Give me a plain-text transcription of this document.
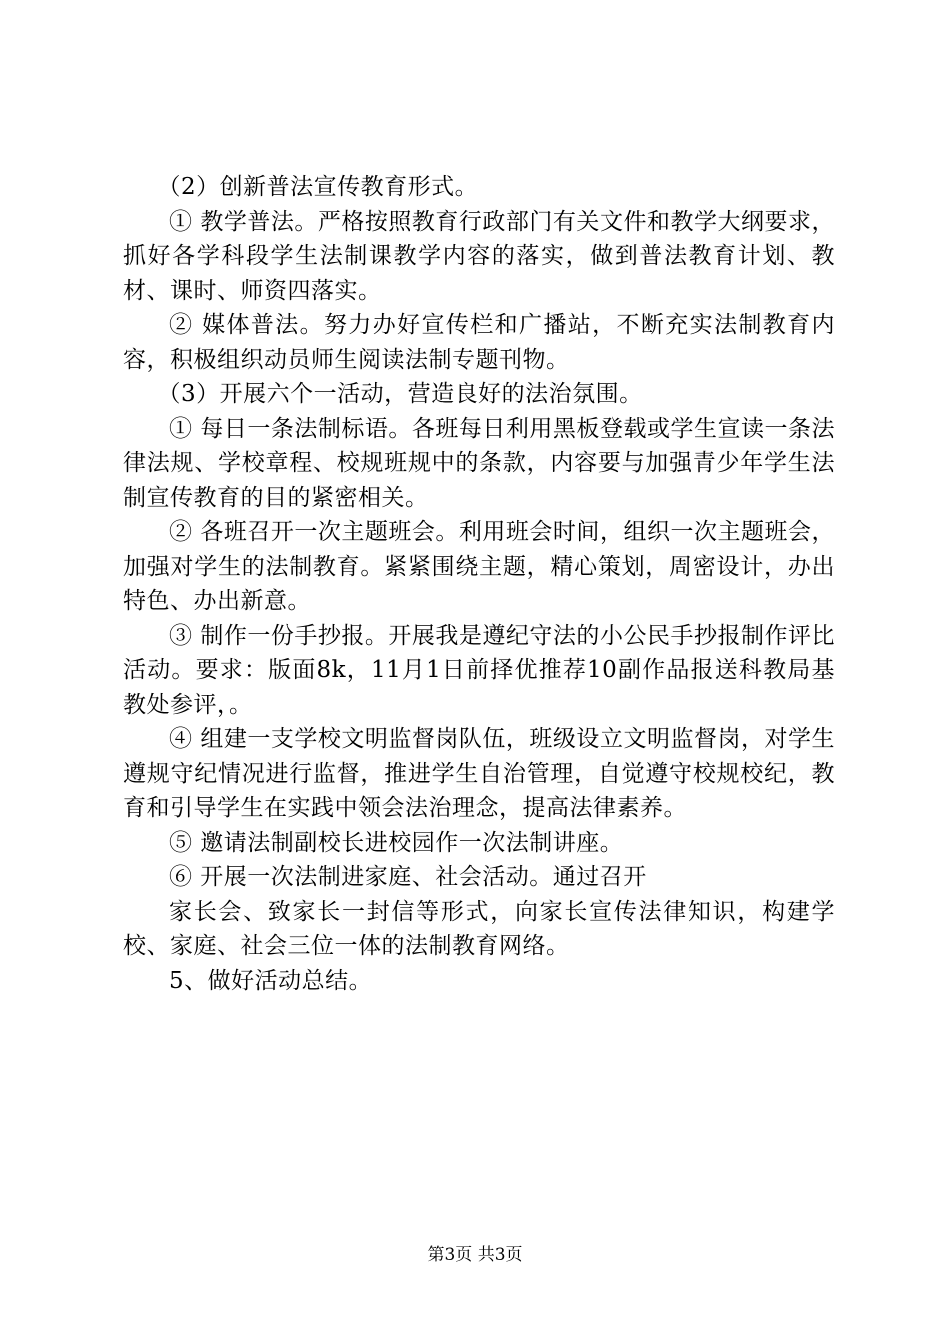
（2）创新普法宣传教育形式。

① 教学普法。严格按照教育行政部门有关文件和教学大纲要求，抓好各学科段学生法制课教学内容的落实，做到普法教育计划、教材、课时、师资四落实。

② 媒体普法。努力办好宣传栏和广播站，不断充实法制教育内容，积极组织动员师生阅读法制专题刊物。

（3）开展六个一活动，营造良好的法治氛围。

① 每日一条法制标语。各班每日利用黑板登载或学生宣读一条法律法规、学校章程、校规班规中的条款，内容要与加强青少年学生法制宣传教育的目的紧密相关。

② 各班召开一次主题班会。利用班会时间，组织一次主题班会，加强对学生的法制教育。紧紧围绕主题，精心策划，周密设计，办出特色、办出新意。

③ 制作一份手抄报。开展我是遵纪守法的小公民手抄报制作评比活动。要求：版面8k，11月1日前择优推荐10副作品报送科教局基教处参评，。

④ 组建一支学校文明监督岗队伍，班级设立文明监督岗，对学生遵规守纪情况进行监督，推进学生自治管理，自觉遵守校规校纪，教育和引导学生在实践中领会法治理念，提高法律素养。

⑤ 邀请法制副校长进校园作一次法制讲座。

⑥ 开展一次法制进家庭、社会活动。通过召开

家长会、致家长一封信等形式，向家长宣传法律知识，构建学校、家庭、社会三位一体的法制教育网络。

5、做好活动总结。

第3页 共3页
